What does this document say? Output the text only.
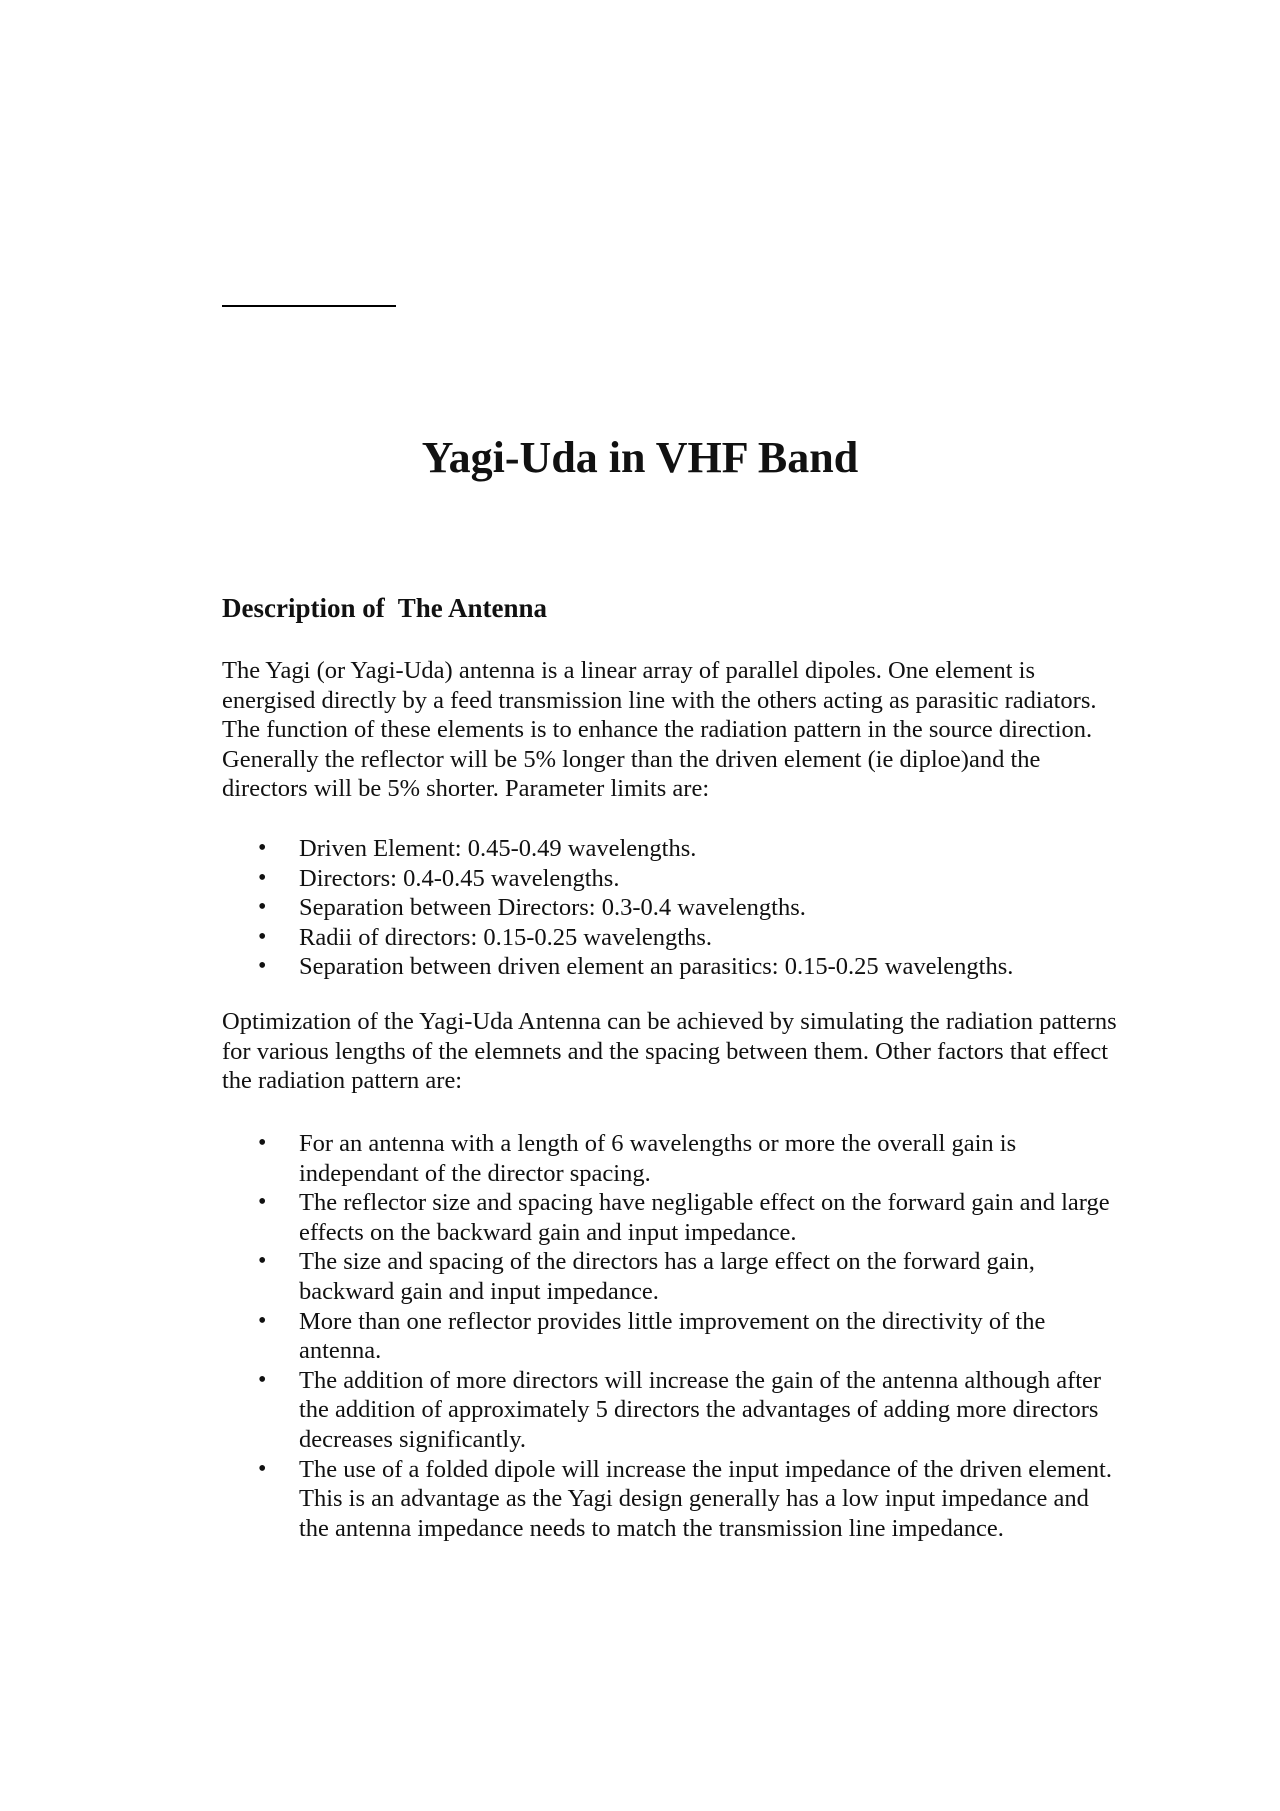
Yagi-Uda in VHF Band
Description of  The Antenna

The Yagi (or Yagi-Uda) antenna is a linear array of parallel dipoles. One element is energised directly by a feed transmission line with the others acting as parasitic radiators. The function of these elements is to enhance the radiation pattern in the source direction. Generally the reflector will be 5% longer than the driven element (ie diploe)and the directors will be 5% shorter. Parameter limits are:

• Driven Element: 0.45-0.49 wavelengths.
• Directors: 0.4-0.45 wavelengths.
• Separation between Directors: 0.3-0.4 wavelengths.
• Radii of directors: 0.15-0.25 wavelengths.
• Separation between driven element an parasitics: 0.15-0.25 wavelengths.

Optimization of the Yagi-Uda Antenna can be achieved by simulating the radiation patterns for various lengths of the elemnets and the spacing between them. Other factors that effect the radiation pattern are:

• For an antenna with a length of 6 wavelengths or more the overall gain is independant of the director spacing.
• The reflector size and spacing have negligable effect on the forward gain and large effects on the backward gain and input impedance.
• The size and spacing of the directors has a large effect on the forward gain, backward gain and input impedance.
• More than one reflector provides little improvement on the directivity of the antenna.
• The addition of more directors will increase the gain of the antenna although after the addition of approximately 5 directors the advantages of adding more directors decreases significantly.
• The use of a folded dipole will increase the input impedance of the driven element. This is an advantage as the Yagi design generally has a low input impedance and the antenna impedance needs to match the transmission line impedance.
